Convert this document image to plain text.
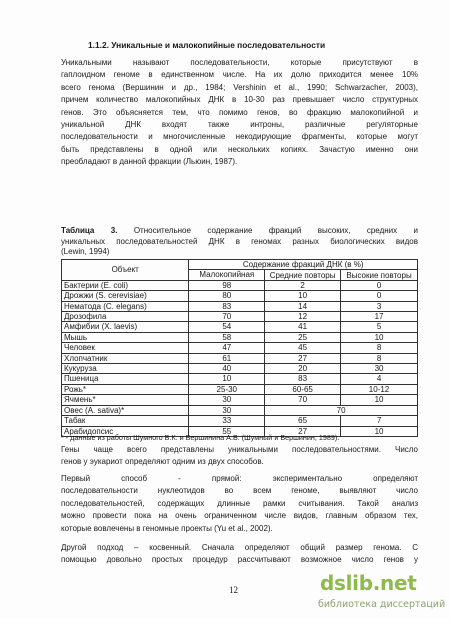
1.1.2. Уникальные и малокопийные последовательности
Уникальными называют последовательности, которые присутствуют в
гаплоидном геноме в единственном числе. На их долю приходится менее 10%
всего генома (Вершинин и др., 1984; Vershinin et al., 1990; Schwarzacher, 2003),
причем количество малокопийных ДНК в 10-30 раз превышает число структурных
генов. Это объясняется тем, что помимо генов, во фракцию малокопийной и
уникальной ДНК входят также интроны, различные регуляторные
последовательности и многочисленные некодирующие фрагменты, которые могут
быть представлены в одной или нескольких копиях. Зачастую именно они
преобладают в данной фракции (Льюин, 1987).
Таблица 3. Относительное содержание фракций высоких, средних и
уникальных последовательностей ДНК в геномах разных биологических видов
(Lewin, 1994)
Объект	Содержание фракций ДНК (в %)		
	Малокопийная	Средние повторы	Высокие повторы
Бактерии (E. coli)	98	2	0
Дрожжи (S. cerevisiae)	80	10	0
Нематода (C. elegans)	83	14	3
Дрозофила	70	12	17
Амфибии (X. laevis)	54	41	5
Мышь	58	25	10
Человек	47	45	8
Хлопчатник	61	27	8
Кукуруза	40	20	30
Пшеница	10	83	4
Рожь*	25-30	60-65	10-12
Ячмень*	30	70	10
Овес (A. sativa)*	30	70	
Табак	33	65	7
Арабидопсис	55	27	10
* - данные из работы Шумного В.К. и Вершинина А.В. (Шумный и Вершинин, 1989).
Гены чаще всего представлены уникальными последовательностями. Число
генов у эукариот определяют одним из двух способов.
Первый способ - прямой: экспериментально определяют
последовательности нуклеотидов во всем геноме, выявляют число
последовательностей, содержащих длинные рамки считывания. Такой анализ
можно провести пока на очень ограниченном числе видов, главным образом тех,
которые вовлечены в геномные проекты (Yu et al., 2002).
Другой подход – косвенный. Сначала определяют общий размер генома. С
помощью довольно простых процедур рассчитывают возможное число генов у
12	dslib.net
библиотека диссертаций
